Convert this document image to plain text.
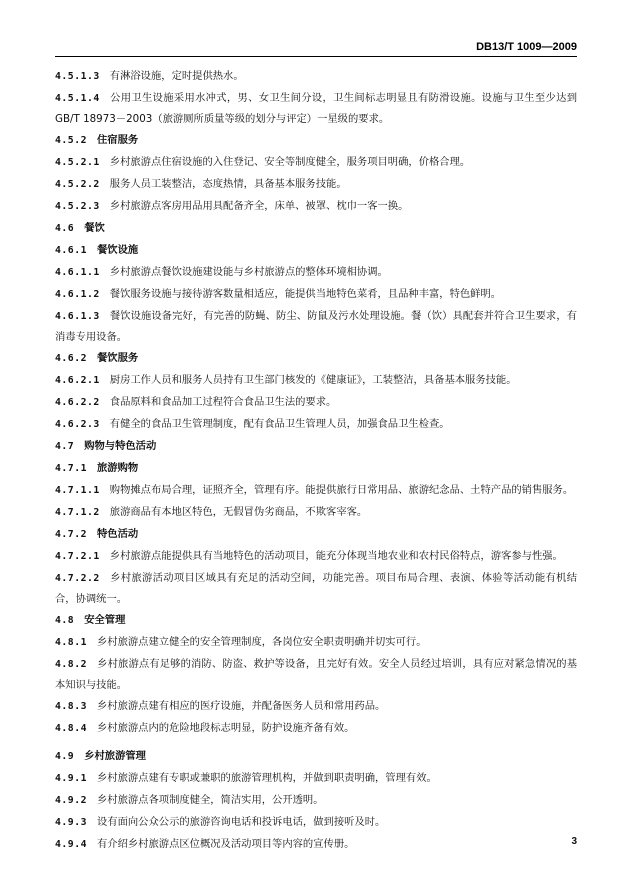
DB13/T 1009—2009
4.5.1.3 有淋浴设施，定时提供热水。
4.5.1.4 公用卫生设施采用水冲式，男、女卫生间分设，卫生间标志明显且有防滑设施。设施与卫生至少达到GB/T 18973－2003（旅游厕所质量等级的划分与评定）一星级的要求。
4.5.2 住宿服务
4.5.2.1 乡村旅游点住宿设施的入住登记、安全等制度健全，服务项目明确，价格合理。
4.5.2.2 服务人员工装整洁，态度热情，具备基本服务技能。
4.5.2.3 乡村旅游点客房用品用具配备齐全，床单、被罩、枕巾一客一换。
4.6 餐饮
4.6.1 餐饮设施
4.6.1.1 乡村旅游点餐饮设施建设能与乡村旅游点的整体环境相协调。
4.6.1.2 餐饮服务设施与接待游客数量相适应，能提供当地特色菜肴，且品种丰富，特色鲜明。
4.6.1.3 餐饮设施设备完好，有完善的防蝇、防尘、防鼠及污水处理设施。餐（饮）具配套并符合卫生要求，有消毒专用设备。
4.6.2 餐饮服务
4.6.2.1 厨房工作人员和服务人员持有卫生部门核发的《健康证》，工装整洁，具备基本服务技能。
4.6.2.2 食品原料和食品加工过程符合食品卫生法的要求。
4.6.2.3 有健全的食品卫生管理制度，配有食品卫生管理人员，加强食品卫生检查。
4.7 购物与特色活动
4.7.1 旅游购物
4.7.1.1 购物摊点布局合理，证照齐全，管理有序。能提供旅行日常用品、旅游纪念品、土特产品的销售服务。
4.7.1.2 旅游商品有本地区特色，无假冒伪劣商品，不欺客宰客。
4.7.2 特色活动
4.7.2.1 乡村旅游点能提供具有当地特色的活动项目，能充分体现当地农业和农村民俗特点，游客参与性强。
4.7.2.2 乡村旅游活动项目区域具有充足的活动空间，功能完善。项目布局合理、表演、体验等活动能有机结合，协调统一。
4.8 安全管理
4.8.1 乡村旅游点建立健全的安全管理制度，各岗位安全职责明确并切实可行。
4.8.2 乡村旅游点有足够的消防、防盗、救护等设备，且完好有效。安全人员经过培训，具有应对紧急情况的基本知识与技能。
4.8.3 乡村旅游点建有相应的医疗设施，并配备医务人员和常用药品。
4.8.4 乡村旅游点内的危险地段标志明显，防护设施齐备有效。
4.9 乡村旅游管理
4.9.1 乡村旅游点建有专职或兼职的旅游管理机构，并做到职责明确，管理有效。
4.9.2 乡村旅游点各项制度健全，简洁实用，公开透明。
4.9.3 设有面向公众公示的旅游咨询电话和投诉电话，做到接听及时。
4.9.4 有介绍乡村旅游点区位概况及活动项目等内容的宣传册。	3
